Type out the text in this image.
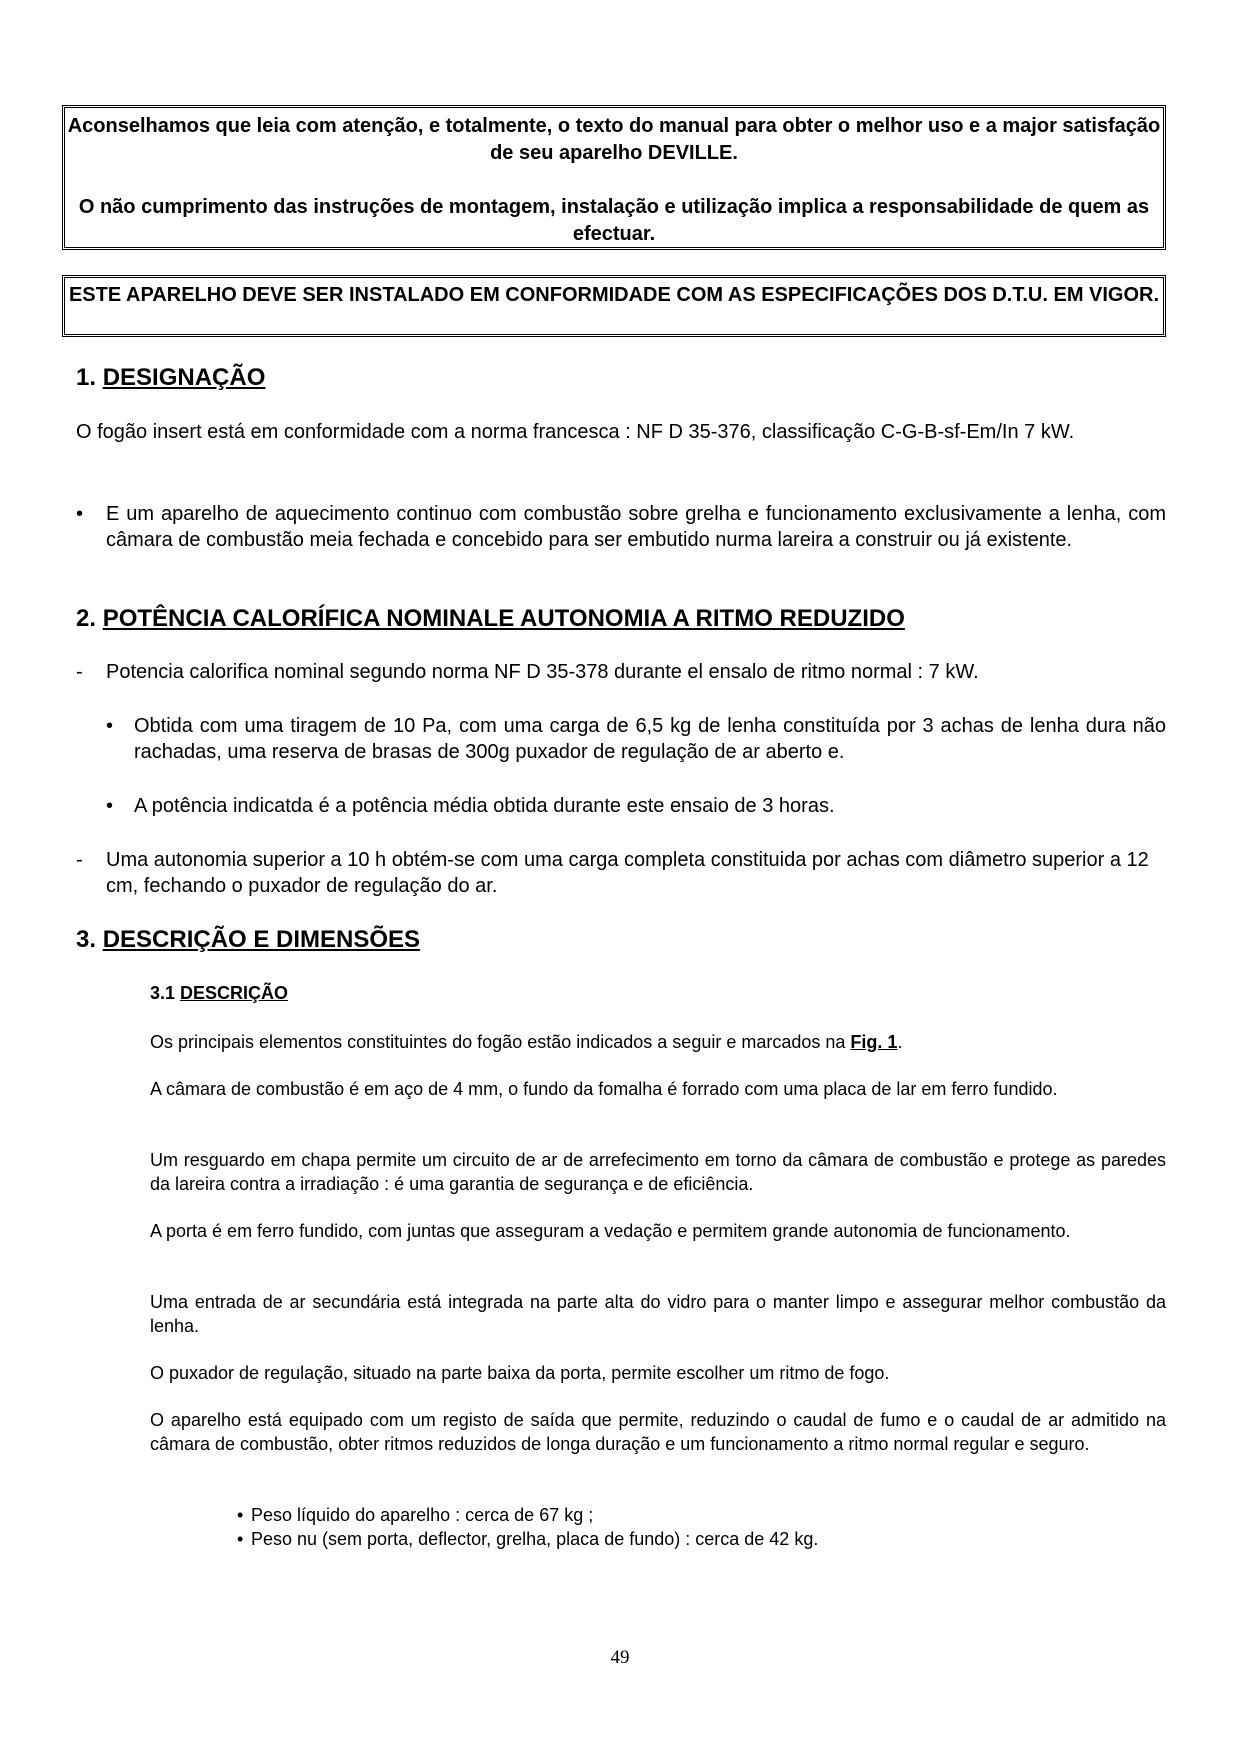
Aconselhamos que leia com atenção, e totalmente, o texto do manual para obter o melhor uso e a major satisfação de seu aparelho DEVILLE.

O não cumprimento das instruções de montagem, instalação e utilização implica a responsabilidade de quem as efectuar.

ESTE APARELHO DEVE SER INSTALADO EM CONFORMIDADE COM AS ESPECIFICAÇÕES DOS D.T.U. EM VIGOR.

1. DESIGNAÇÃO
O fogão insert está em conformidade com a norma francesca : NF D 35-376, classificação C-G-B-sf-Em/In 7 kW.
•	E um aparelho de aquecimento continuo com combustão sobre grelha e funcionamento exclusivamente a lenha, com câmara de combustão meia fechada e concebido para ser embutido nurma lareira a construir ou já existente.
2. POTÊNCIA CALORÍFICA NOMINALE AUTONOMIA A RITMO REDUZIDO
-	Potencia calorifica nominal segundo norma NF D 35-378 durante el ensalo de ritmo normal : 7 kW.
•	Obtida com uma tiragem de 10 Pa, com uma carga de 6,5 kg de lenha constituída por 3 achas de lenha dura não rachadas, uma reserva de brasas de 300g puxador de regulação de ar aberto e.
•	A potência indicatda é a potência média obtida durante este ensaio de 3 horas.
-	Uma autonomia superior a 10 h obtém-se com uma carga completa constituida por achas com diâmetro superior a 12 cm, fechando o puxador de regulação do ar.
3. DESCRIÇÃO E DIMENSÕES
3.1 DESCRIÇÃO
Os principais elementos constituintes do fogão estão indicados a seguir e marcados na Fig. 1.
A câmara de combustão é em aço de 4 mm, o fundo da fomalha é forrado com uma placa de lar em ferro fundido.
Um resguardo em chapa permite um circuito de ar de arrefecimento em torno da câmara de combustão e protege as paredes da lareira contra a irradiação : é uma garantia de segurança e de eficiência.
A porta é em ferro fundido, com juntas que asseguram a vedação e permitem grande autonomia de funcionamento.
Uma entrada de ar secundária está integrada na parte alta do vidro para o manter limpo e assegurar melhor combustão da lenha.
O puxador de regulação, situado na parte baixa da porta, permite escolher um ritmo de fogo.
O aparelho está equipado com um registo de saída que permite, reduzindo o caudal de fumo e o caudal de ar admitido na câmara de combustão, obter ritmos reduzidos de longa duração e um funcionamento a ritmo normal regular e seguro.
• Peso líquido do aparelho : cerca de 67 kg ;
• Peso nu (sem porta, deflector, grelha, placa de fundo) : cerca de 42 kg.
49
